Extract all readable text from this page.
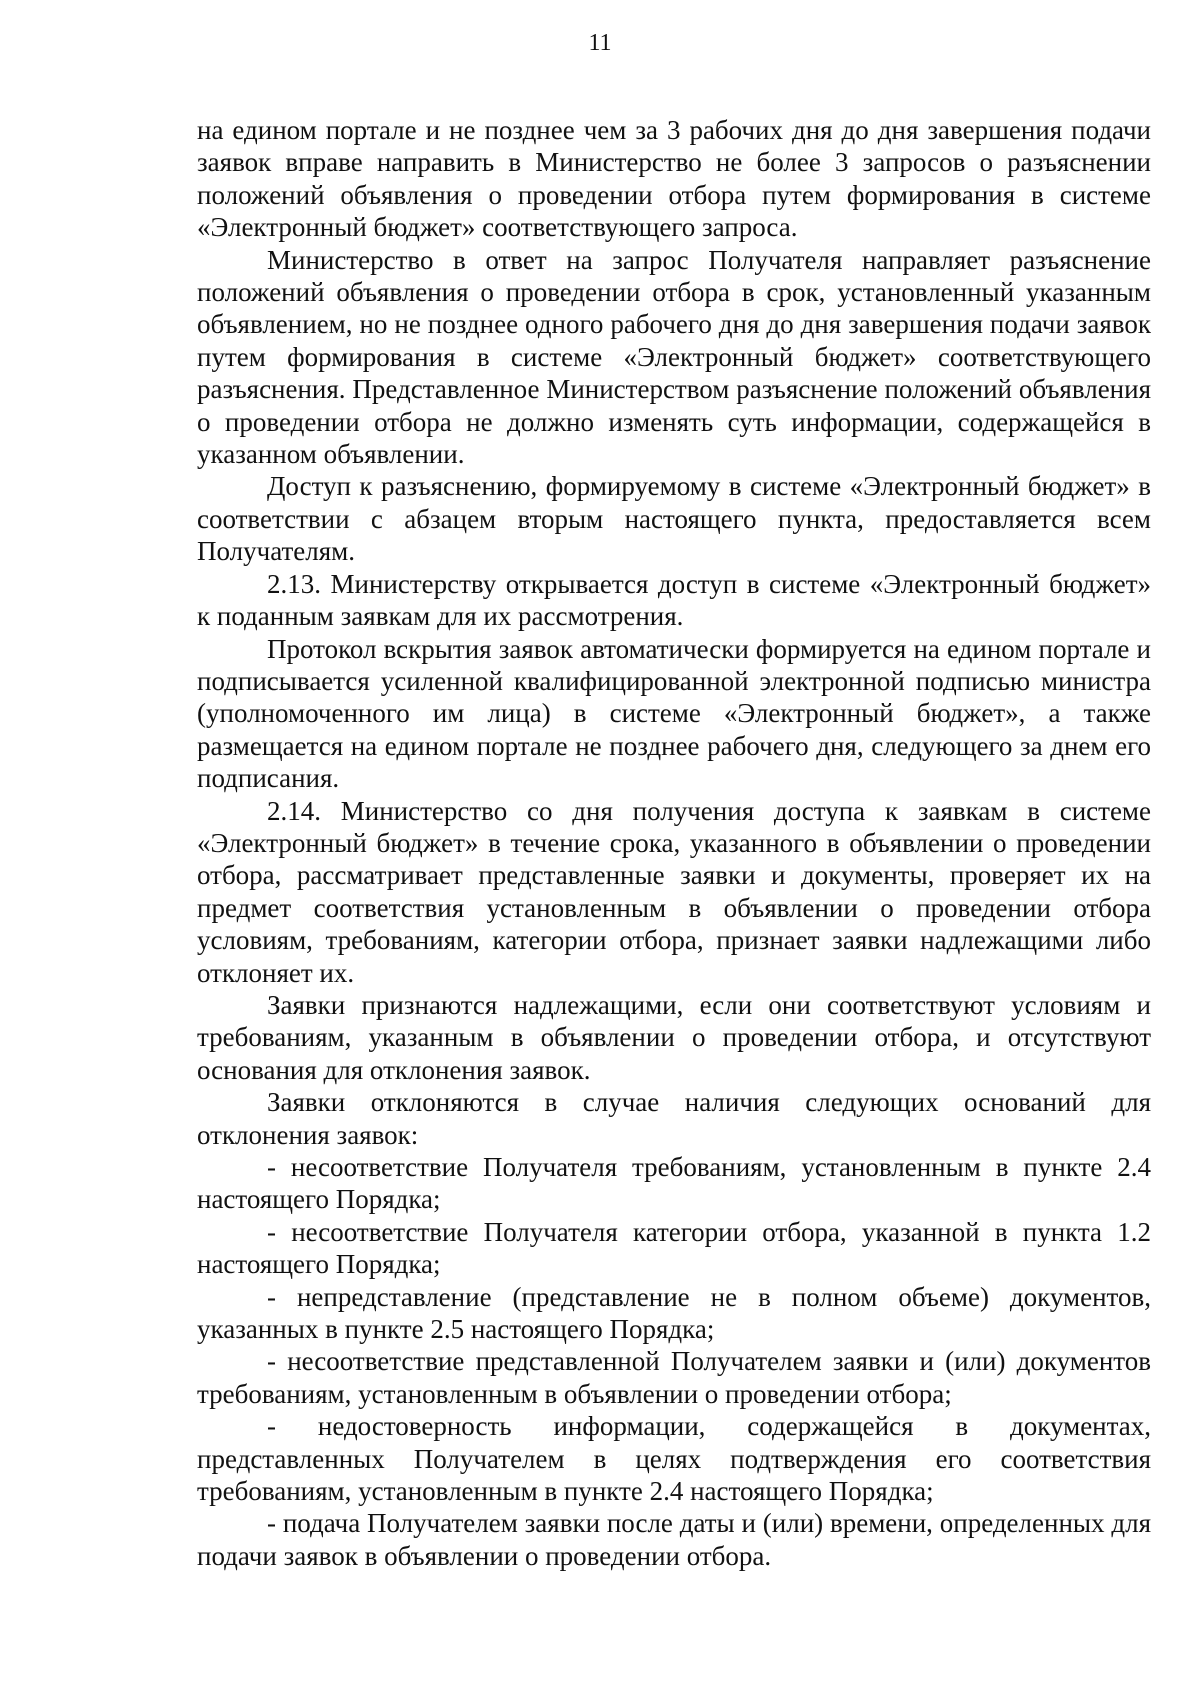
11

на едином портале и не позднее чем за 3 рабочих дня до дня завершения подачи заявок вправе направить в Министерство не более 3 запросов о разъяснении положений объявления о проведении отбора путем формирования в системе «Электронный бюджет» соответствующего запроса.

Министерство в ответ на запрос Получателя направляет разъяснение положений объявления о проведении отбора в срок, установленный указанным объявлением, но не позднее одного рабочего дня до дня завершения подачи заявок путем формирования в системе «Электронный бюджет» соответствующего разъяснения. Представленное Министерством разъяснение положений объявления о проведении отбора не должно изменять суть информации, содержащейся в указанном объявлении.

Доступ к разъяснению, формируемому в системе «Электронный бюджет» в соответствии с абзацем вторым настоящего пункта, предоставляется всем Получателям.

2.13. Министерству открывается доступ в системе «Электронный бюджет» к поданным заявкам для их рассмотрения.

Протокол вскрытия заявок автоматически формируется на едином портале и подписывается усиленной квалифицированной электронной подписью министра (уполномоченного им лица) в системе «Электронный бюджет», а также размещается на едином портале не позднее рабочего дня, следующего за днем его подписания.

2.14. Министерство со дня получения доступа к заявкам в системе «Электронный бюджет» в течение срока, указанного в объявлении о проведении отбора, рассматривает представленные заявки и документы, проверяет их на предмет соответствия установленным в объявлении о проведении отбора условиям, требованиям, категории отбора, признает заявки надлежащими либо отклоняет их.

Заявки признаются надлежащими, если они соответствуют условиям и требованиям, указанным в объявлении о проведении отбора, и отсутствуют основания для отклонения заявок.

Заявки отклоняются в случае наличия следующих оснований для отклонения заявок:

- несоответствие Получателя требованиям, установленным в пункте 2.4 настоящего Порядка;

- несоответствие Получателя категории отбора, указанной в пункта 1.2 настоящего Порядка;

- непредставление (представление не в полном объеме) документов, указанных в пункте 2.5 настоящего Порядка;

- несоответствие представленной Получателем заявки и (или) документов требованиям, установленным в объявлении о проведении отбора;

- недостоверность информации, содержащейся в документах, представленных Получателем в целях подтверждения его соответствия требованиям, установленным в пункте 2.4 настоящего Порядка;

- подача Получателем заявки после даты и (или) времени, определенных для подачи заявок в объявлении о проведении отбора.
